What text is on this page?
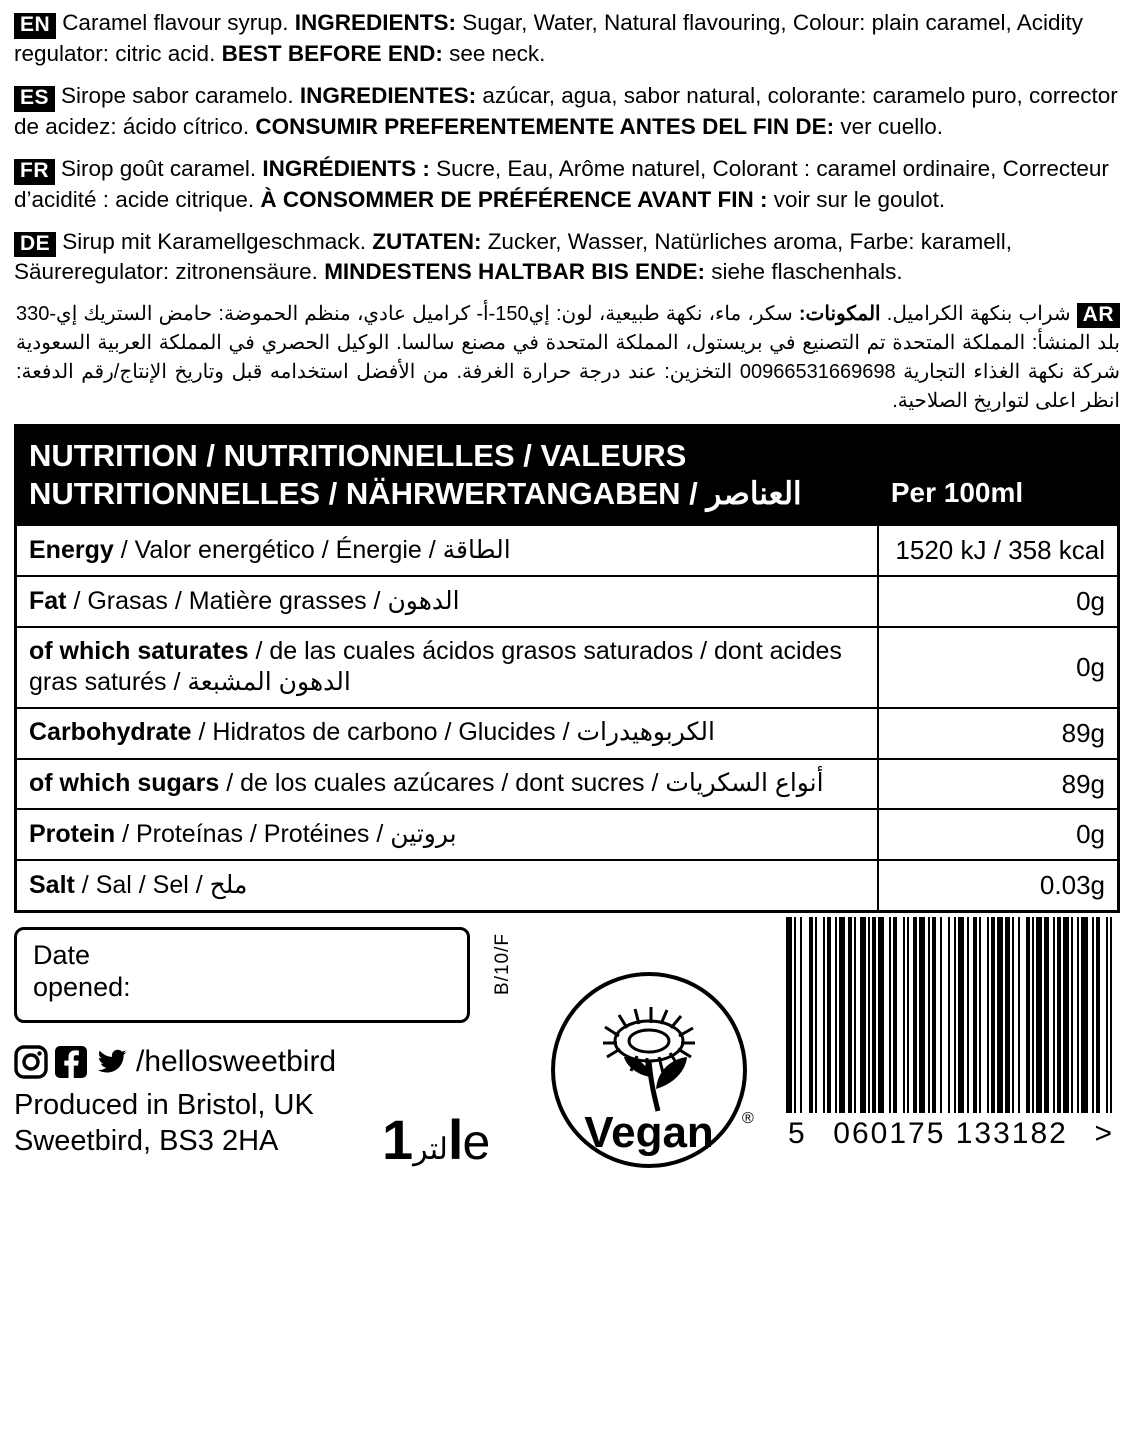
EN Caramel flavour syrup. INGREDIENTS: Sugar, Water, Natural flavouring, Colour: plain caramel, Acidity regulator: citric acid. BEST BEFORE END: see neck.

ES Sirope sabor caramelo. INGREDIENTES: azúcar, agua, sabor natural, colorante: caramelo puro, corrector de acidez: ácido cítrico. CONSUMIR PREFERENTEMENTE ANTES DEL FIN DE: ver cuello.

FR Sirop goût caramel. INGRÉDIENTS : Sucre, Eau, Arôme naturel, Colorant : caramel ordinaire, Correcteur d’acidité : acide citrique. À CONSOMMER DE PRÉFÉRENCE AVANT FIN : voir sur le goulot.

DE Sirup mit Karamellgeschmack. ZUTATEN: Zucker, Wasser, Natürliches aroma, Farbe: karamell, Säureregulator: zitronensäure. MINDESTENS HALTBAR BIS ENDE: siehe flaschenhals.

ARشراب بنكهة الكراميل. المكونات: سكر، ماء، نكهة طبيعية، لون: إي150-أ- كراميل عادي، منظم الحموضة: حامض الستريك إي-330 بلد المنشأ: المملكة المتحدة تم التصنيع في بريستول، المملكة المتحدة في مصنع سالسا. الوكيل الحصري في المملكة العربية السعودية شركة نكهة الغذاء التجارية 00966531669698 التخزين: عند درجة حرارة الغرفة. من الأفضل استخدامه قبل وتاريخ الإنتاج/رقم الدفعة: انظر اعلى لتواريخ الصلاحية.
NUTRITION / NUTRITIONNELLES / VALEURS NUTRITIONNELLES / NÄHRWERTANGABEN / العناصر	Per 100ml
Energy / Valor energético / Énergie / الطاقة	1520 kJ / 358 kcal
Fat / Grasas / Matière grasses / الدهون	0g
of which saturates / de las cuales ácidos grasos saturados / dont acides gras saturés / الدهون المشبعة	0g
Carbohydrate / Hidratos de carbono / Glucides / الكربوهيدرات	89g
of which sugars / de los cuales azúcares / dont sucres / أنواع السكريات	89g
Protein / Proteínas / Protéines / بروتين	0g
Salt / Sal / Sel / ملح	0.03g
Date
opened:	B/10/F
Vegan ®
/hellosweetbird
Produced in Bristol, UK
Sweetbird, BS3 2HA	لتر1le	5 060175 133182 >
